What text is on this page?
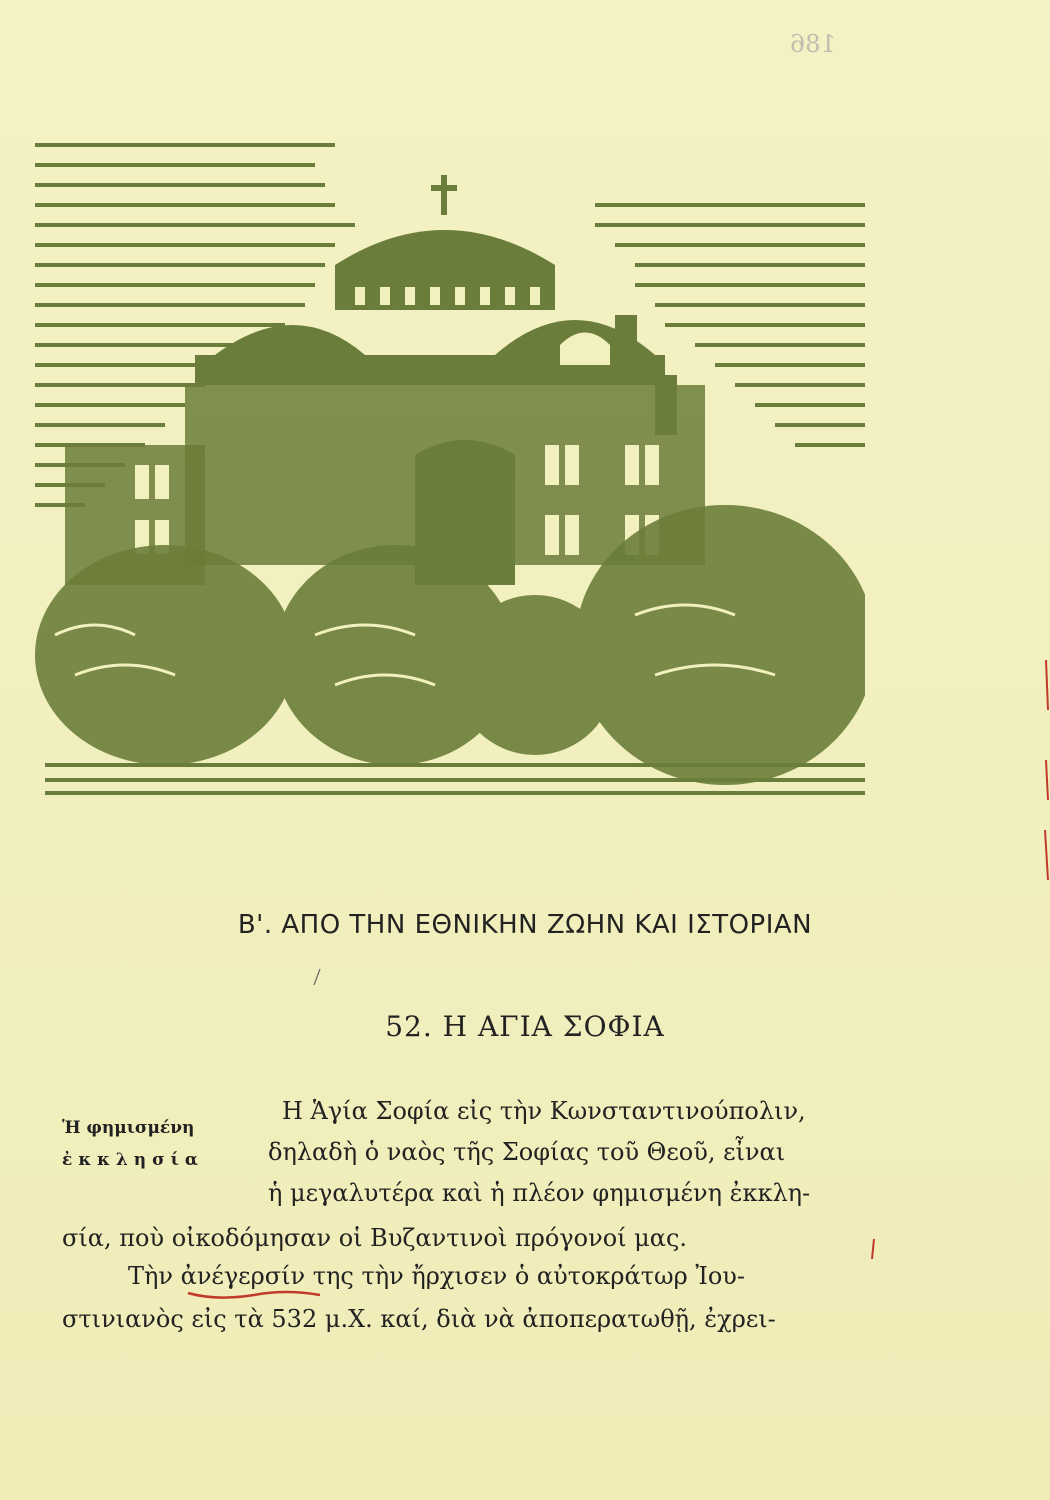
186
Β'. ΑΠΟ ΤΗΝ ΕΘΝΙΚΗΝ ΖΩΗΝ ΚΑΙ ΙΣΤΟΡΙΑΝ
52. Η ΑΓΙΑ ΣΟΦΙΑ
Ἡ φημισμένη
ἐκκλησία
Η Ἁγία Σοφία εἰς τὴν Κωνσταντινούπολιν,
δηλαδὴ ὁ ναὸς τῆς Σοφίας τοῦ Θεοῦ, εἶναι
ἡ μεγαλυτέρα καὶ ἡ πλέον φημισμένη ἐκκλη-
σία, ποὺ οἰκοδόμησαν οἱ Βυζαντινοὶ πρόγονοί μας.
Τὴν ἀνέγερσίν της τὴν ἤρχισεν ὁ αὐτοκράτωρ Ἰου-
στινιανὸς εἰς τὰ 532 μ.Χ. καί, διὰ νὰ ἀποπερατωθῇ, ἐχρει-
